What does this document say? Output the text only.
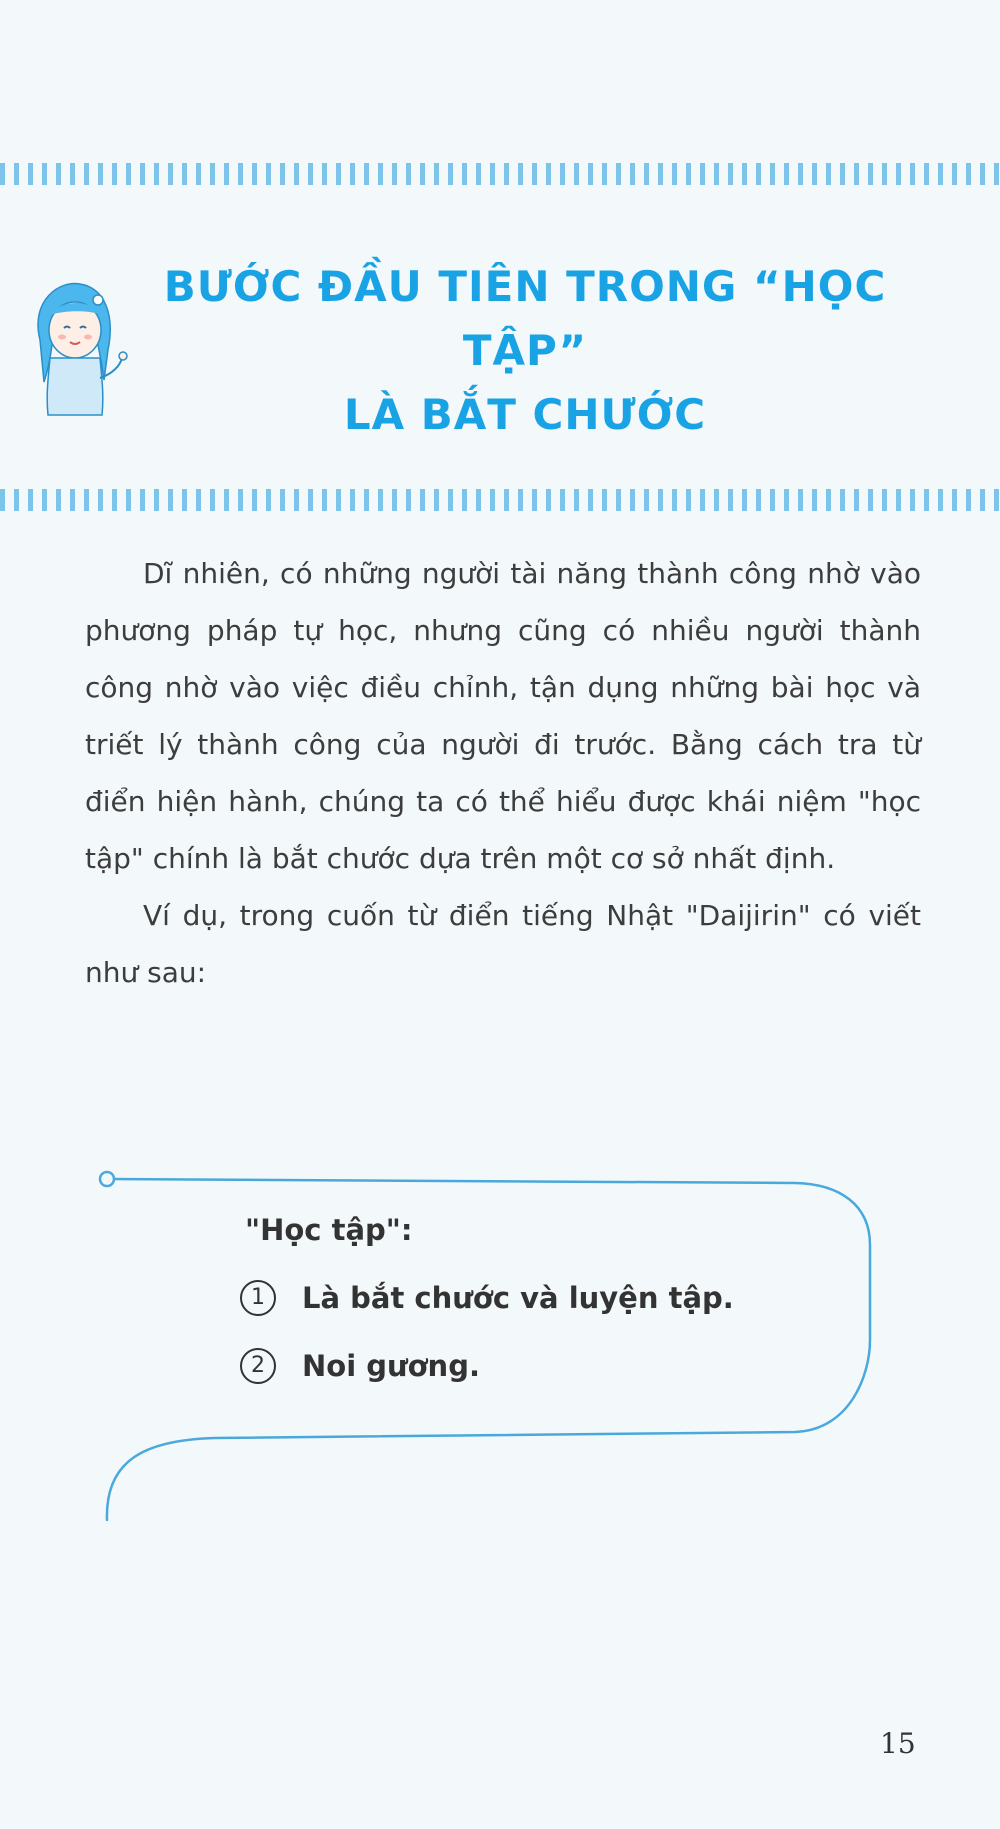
BƯỚC ĐẦU TIÊN TRONG “HỌC TẬP”
LÀ BẮT CHƯỚC

Dĩ nhiên, có những người tài năng thành công nhờ vào phương pháp tự học, nhưng cũng có nhiều người thành công nhờ vào việc điều chỉnh, tận dụng những bài học và triết lý thành công của người đi trước. Bằng cách tra từ điển hiện hành, chúng ta có thể hiểu được khái niệm "học tập" chính là bắt chước dựa trên một cơ sở nhất định.

Ví dụ, trong cuốn từ điển tiếng Nhật "Daijirin" có viết như sau:

"Học tập":
1	Là bắt chước và luyện tập.
2	Noi gương.
15
